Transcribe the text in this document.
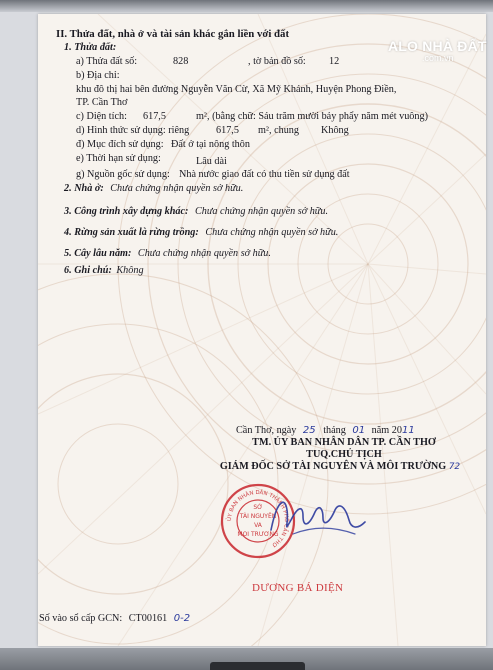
II. Thửa đất, nhà ở và tài sản khác gắn liền với đất
1. Thửa đất:
a) Thửa đất số:	828	, tờ bản đồ số: 12
b) Địa chỉ:
khu đô thị hai bên đường Nguyễn Văn Cừ, Xã Mỹ Khánh, Huyện Phong Điền,
TP. Cần Thơ
c) Diện tích: 617,5	m², (bằng chữ: Sáu trăm mười bảy phẩy năm mét vuông)
d) Hình thức sử dụng: riêng	617,5 m², chung Không
đ) Mục đích sử dụng: Đất ở tại nông thôn
e) Thời hạn sử dụng:	Lâu dài
g) Nguồn gốc sử dụng: Nhà nước giao đất có thu tiền sử dụng đất
2. Nhà ở: Chưa chứng nhận quyền sở hữu.
3. Công trình xây dựng khác: Chưa chứng nhận quyền sở hữu.
4. Rừng sản xuất là rừng trồng: Chưa chứng nhận quyền sở hữu.
5. Cây lâu năm: Chưa chứng nhận quyền sở hữu.
6. Ghi chú: Không
Cần Thơ, ngày 25 tháng 01 năm 2011
TM. ỦY BAN NHÂN DÂN TP. CẦN THƠ
TUQ.CHỦ TỊCH
GIÁM ĐỐC SỞ TÀI NGUYÊN VÀ MÔI TRƯỜNG 72
ỦY BAN NHÂN DÂN THÀNH PHỐ CẦN THƠ
SỞ
TÀI NGUYÊN
VÀ
MÔI TRƯỜNG
DƯƠNG BÁ DIỆN
Số vào sổ cấp GCN: CT00161 0-2
ALO NHÀ ĐẤT
.com.vn
